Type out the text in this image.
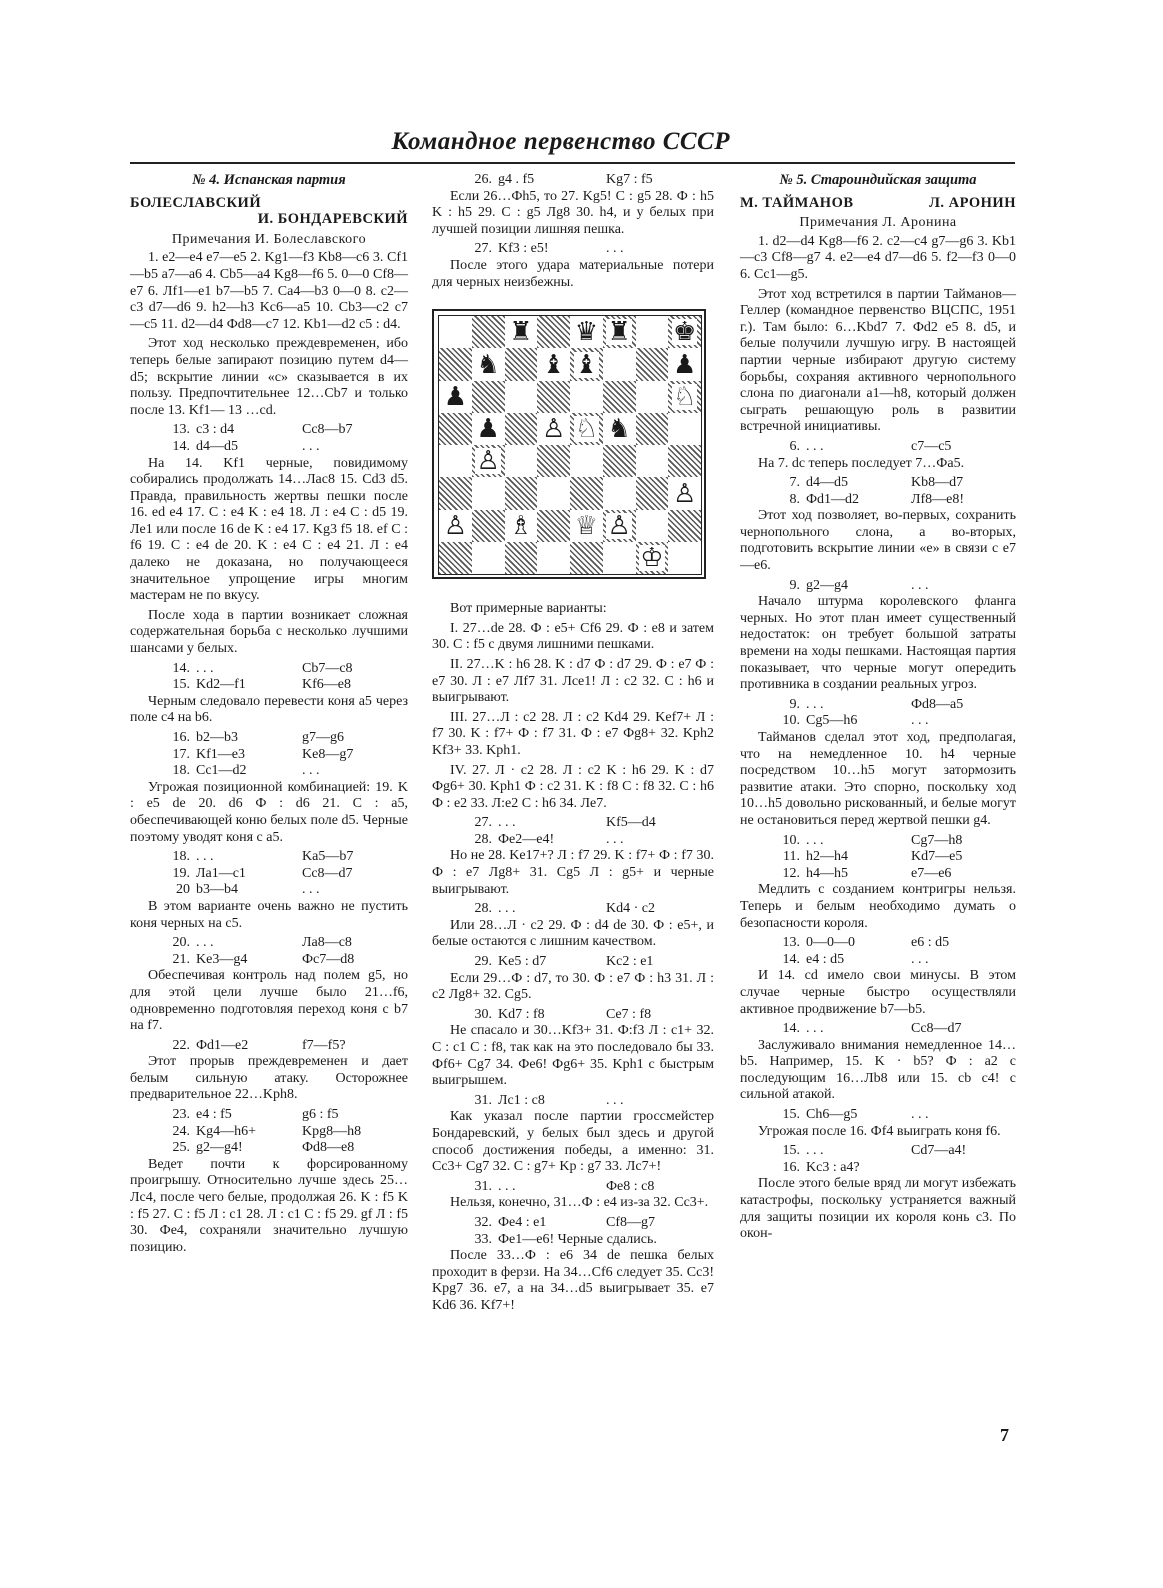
Командное первенство СССР
№ 4. Испанская партия
БОЛЕСЛАВСКИЙ
И. БОНДАРЕВСКИЙ
Примечания И. Болеславского

1. e2—e4 e7—e5 2. Kg1—f3 Kb8—c6 3. Cf1—b5 a7—a6 4. Cb5—a4 Kg8—f6 5. 0—0 Cf8—e7 6. Лf1—e1 b7—b5 7. Ca4—b3 0—0 8. c2—c3 d7—d6 9. h2—h3 Kc6—a5 10. Cb3—c2 c7—c5 11. d2—d4 Фd8—c7 12. Kb1—d2 c5 : d4.

Этот ход несколько преждевременен, ибо теперь белые запирают позицию путем d4—d5; вскрытие линии «с» сказывается в их пользу. Предпочтительнее 12…Cb7 и только после 13. Kf1— 13 …cd.

13. c3 : d4	Cc8—b7
14. d4—d5	. . .

На 14. Kf1 черные, повидимому собирались продолжать 14…Лac8 15. Cd3 d5. Правда, правильность жертвы пешки после 16. ed e4 17. C : e4 K : e4 18. Л : e4 C : d5 19. Лe1 или после 16 de K : e4 17. Kg3 f5 18. ef C : f6 19. C : e4 de 20. K : e4 C : e4 21. Л : e4 далеко не доказана, но получающееся значительное упрощение игры многим мастерам не по вкусу.

После хода в партии возникает сложная содержательная борьба с несколько лучшими шансами у белых.

14. . . .	Cb7—c8
15. Kd2—f1	Kf6—e8

Черным следовало перевести коня a5 через поле c4 на b6.

16. b2—b3	g7—g6
17. Kf1—e3	Ke8—g7
18. Cc1—d2	. . .

Угрожая позиционной комбинацией: 19. K : e5 de 20. d6 Ф : d6 21. C : a5, обеспечивающей коню белых поле d5. Черные поэтому уводят коня с a5.

18. . . .	Ka5—b7
19. Лa1—c1	Cc8—d7
20 b3—b4	. . .

В этом варианте очень важно не пустить коня черных на c5.

20. . . .	Лa8—c8
21. Ke3—g4	Фc7—d8

Обеспечивая контроль над полем g5, но для этой цели лучше было 21…f6, одновременно подготовляя переход коня с b7 на f7.

22. Фd1—e2	f7—f5?

Этот прорыв преждевременен и дает белым сильную атаку. Осторожнее предварительное 22…Kph8.

23. e4 : f5	g6 : f5
24. Kg4—h6+	Kpg8—h8
25. g2—g4!	Фd8—e8

Ведет почти к форсированному проигрышу. Относительно лучше здесь 25…Лc4, после чего белые, продолжая 26. K : f5 K : f5 27. C : f5 Л : c1 28. Л : c1 C : f5 29. gf Л : f5 30. Фe4, сохраняли значительно лучшую позицию.

26. g4 . f5	Kg7 : f5

Если 26…Фh5, то 27. Kg5! C : g5 28. Ф : h5 K : h5 29. C : g5 Лg8 30. h4, и у белых при лучшей позиции лишняя пешка.

27. Kf3 : e5!	. . .

После этого удара материальные потери для черных неизбежны.

♜ ♛ ♜ ♚
♞ ♝ ♝	♟
♟	♘
♟ ♙ ♘ ♞
♙
♙
♙ ♗ ♕ ♙
♔

Вот примерные варианты:

I. 27…de 28. Ф : e5+ Cf6 29. Ф : e8 и затем 30. C : f5 с двумя лишними пешками.

II. 27…K : h6 28. K : d7 Ф : d7 29. Ф : e7 Ф : e7 30. Л : e7 Лf7 31. Лce1! Л : c2 32. C : h6 и выигрывают.

III. 27…Л : c2 28. Л : c2 Kd4 29. Kef7+ Л : f7 30. K : f7+ Ф : f7 31. Ф : e7 Фg8+ 32. Kph2 Kf3+ 33. Kph1.

IV. 27. Л · c2 28. Л : c2 K : h6 29. K : d7 Фg6+ 30. Kph1 Ф : c2 31. K : f8 C : f8 32. C : h6 Ф : e2 33. Л:e2 C : h6 34. Лe7.

27. . . .	Kf5—d4
28. Фe2—e4!	. . .

Но не 28. Ke17+? Л : f7 29. K : f7+ Ф : f7 30. Ф : e7 Лg8+ 31. Cg5 Л : g5+ и черные выигрывают.

28. . . .	Kd4 · c2

Или 28…Л · c2 29. Ф : d4 de 30. Ф : e5+, и белые остаются с лишним качеством.

29. Ke5 : d7	Kc2 : e1

Если 29…Ф : d7, то 30. Ф : e7 Ф : h3 31. Л : c2 Лg8+ 32. Cg5.

30. Kd7 : f8	Ce7 : f8

Не спасало и 30…Kf3+ 31. Ф:f3 Л : c1+ 32. C : c1 C : f8, так как на это последовало бы 33. Фf6+ Cg7 34. Фe6! Фg6+ 35. Kph1 с быстрым выигрышем.

31. Лc1 : c8	. . .

Как указал после партии гроссмейстер Бондаревский, у белых был здесь и другой способ достижения победы, а именно: 31. Cc3+ Cg7 32. C : g7+ Kp : g7 33. Лc7+!

31. . . .	Фe8 : c8

Нельзя, конечно, 31…Ф : e4 из-за 32. Cc3+.

32. Фe4 : e1	Cf8—g7
33. Фe1—e6! Черные сдались.

После 33…Ф : e6 34 de пешка белых проходит в ферзи. На 34…Cf6 следует 35. Cc3! Kpg7 36. e7, а на 34…d5 выигрывает 35. e7 Kd6 36. Kf7+!

№ 5. Староиндийская защита
М. ТАЙМАНОВ	Л. АРОНИН
Примечания Л. Аронина

1. d2—d4 Kg8—f6 2. c2—c4 g7—g6 3. Kb1—c3 Cf8—g7 4. e2—e4 d7—d6 5. f2—f3 0—0 6. Cc1—g5.

Этот ход встретился в партии Тайманов—Геллер (командное первенство ВЦСПС, 1951 г.). Там было: 6…Kbd7 7. Фd2 e5 8. d5, и белые получили лучшую игру. В настоящей партии черные избирают другую систему борьбы, сохраняя активного чернопольного слона по диагонали a1—h8, который должен сыграть решающую роль в развитии встречной инициативы.

6. . . .	c7—c5

На 7. dc теперь последует 7…Фa5.

7. d4—d5	Kb8—d7
8. Фd1—d2	Лf8—e8!

Этот ход позволяет, во-первых, сохранить чернопольного слона, а во-вторых, подготовить вскрытие линии «e» в связи с e7—e6.

9. g2—g4	. . .

Начало штурма королевского фланга черных. Но этот план имеет существенный недостаток: он требует большой затраты времени на ходы пешками. Настоящая партия показывает, что черные могут опередить противника в создании реальных угроз.

9. . . .	Фd8—a5
10. Cg5—h6	. . .

Тайманов сделал этот ход, предполагая, что на немедленное 10. h4 черные посредством 10…h5 могут затормозить развитие атаки. Это спорно, поскольку ход 10…h5 довольно рискованный, и белые могут не остановиться перед жертвой пешки g4.

10. . . .	Cg7—h8
11. h2—h4	Kd7—e5
12. h4—h5	e7—e6

Медлить с созданием контригры нельзя. Теперь и белым необходимо думать о безопасности короля.

13. 0—0—0	e6 : d5
14. e4 : d5	. . .

И 14. cd имело свои минусы. В этом случае черные быстро осуществляли активное продвижение b7—b5.

14. . . .	Cc8—d7

Заслуживало внимания немедленное 14…b5. Например, 15. K · b5? Ф : a2 с последующим 16…Лb8 или 15. cb c4! с сильной атакой.

15. Ch6—g5	. . .

Угрожая после 16. Фf4 выиграть коня f6.

15. . . .	Cd7—a4!
16. Kc3 : a4?

После этого белые вряд ли могут избежать катастрофы, поскольку устраняется важный для защиты позиции их короля конь c3. По окон-

7
